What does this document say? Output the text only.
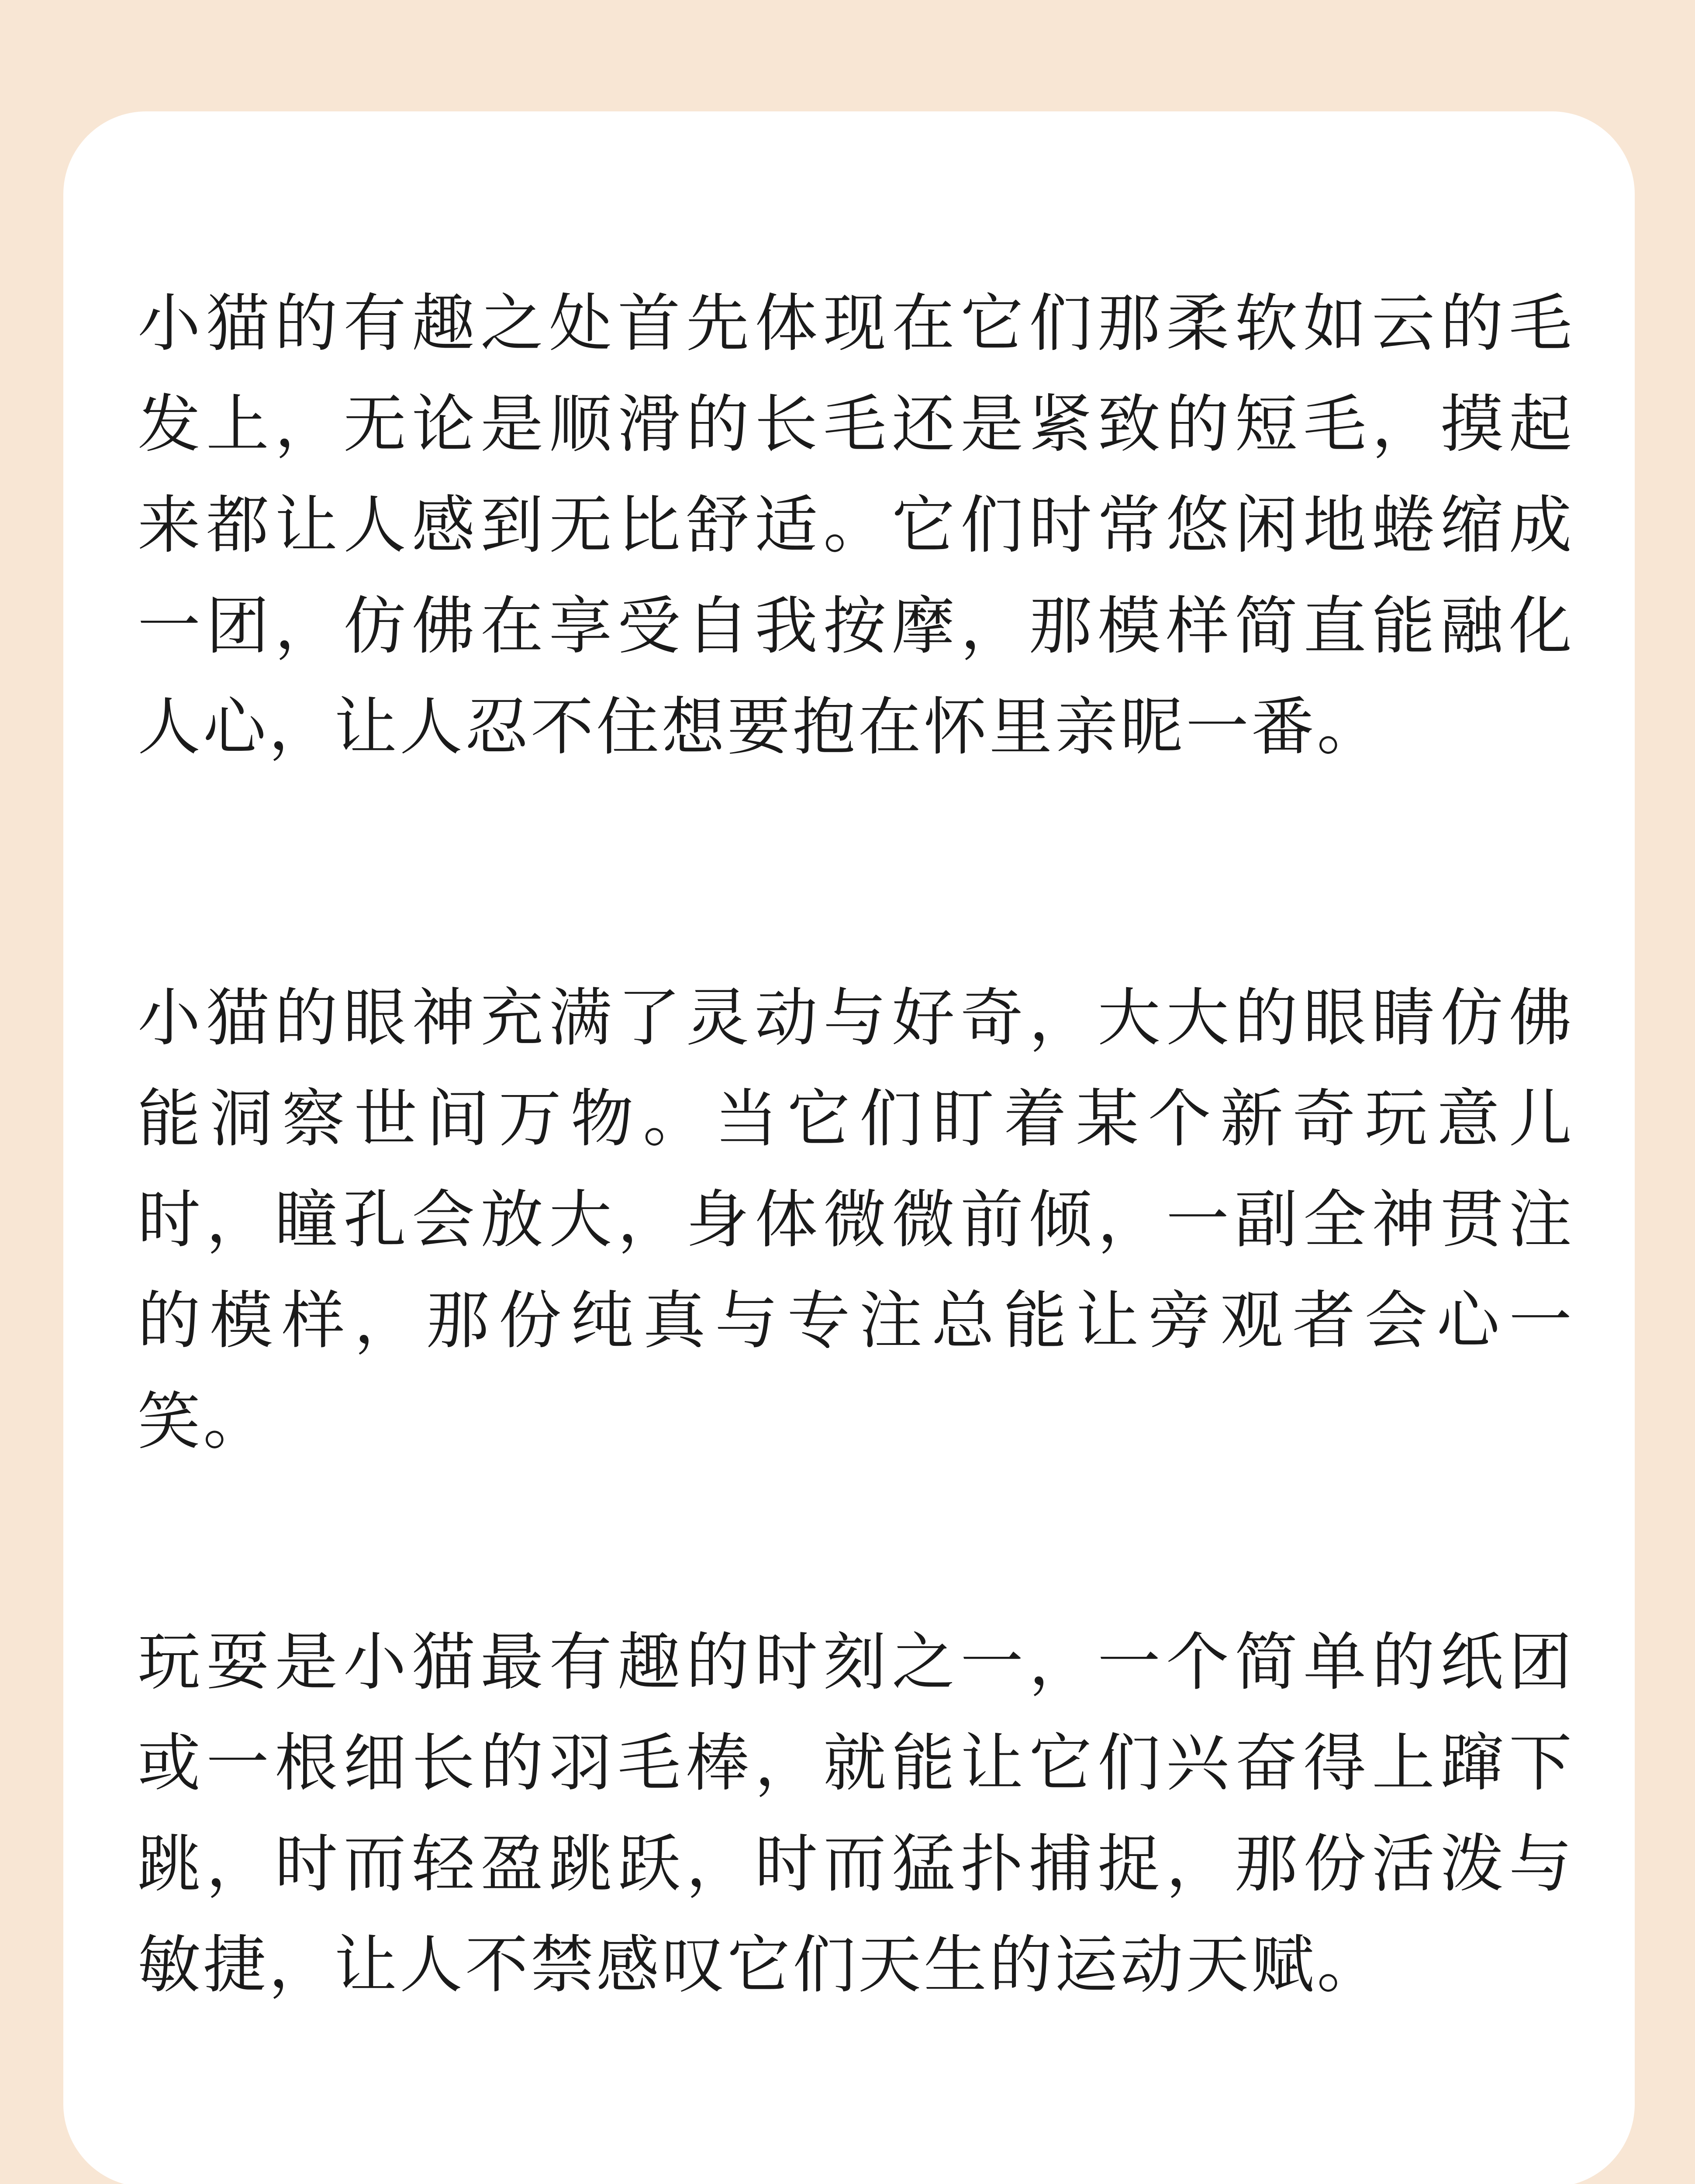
小猫的有趣之处首先体现在它们那柔软如云的毛发上，无论是顺滑的长毛还是紧致的短毛，摸起来都让人感到无比舒适。它们时常悠闲地蜷缩成一团，仿佛在享受自我按摩，那模样简直能融化人心，让人忍不住想要抱在怀里亲昵一番。

小猫的眼神充满了灵动与好奇，大大的眼睛仿佛能洞察世间万物。当它们盯着某个新奇玩意儿时，瞳孔会放大，身体微微前倾，一副全神贯注的模样，那份纯真与专注总能让旁观者会心一笑。

玩耍是小猫最有趣的时刻之一，一个简单的纸团或一根细长的羽毛棒，就能让它们兴奋得上蹿下跳，时而轻盈跳跃，时而猛扑捕捉，那份活泼与敏捷，让人不禁感叹它们天生的运动天赋。
